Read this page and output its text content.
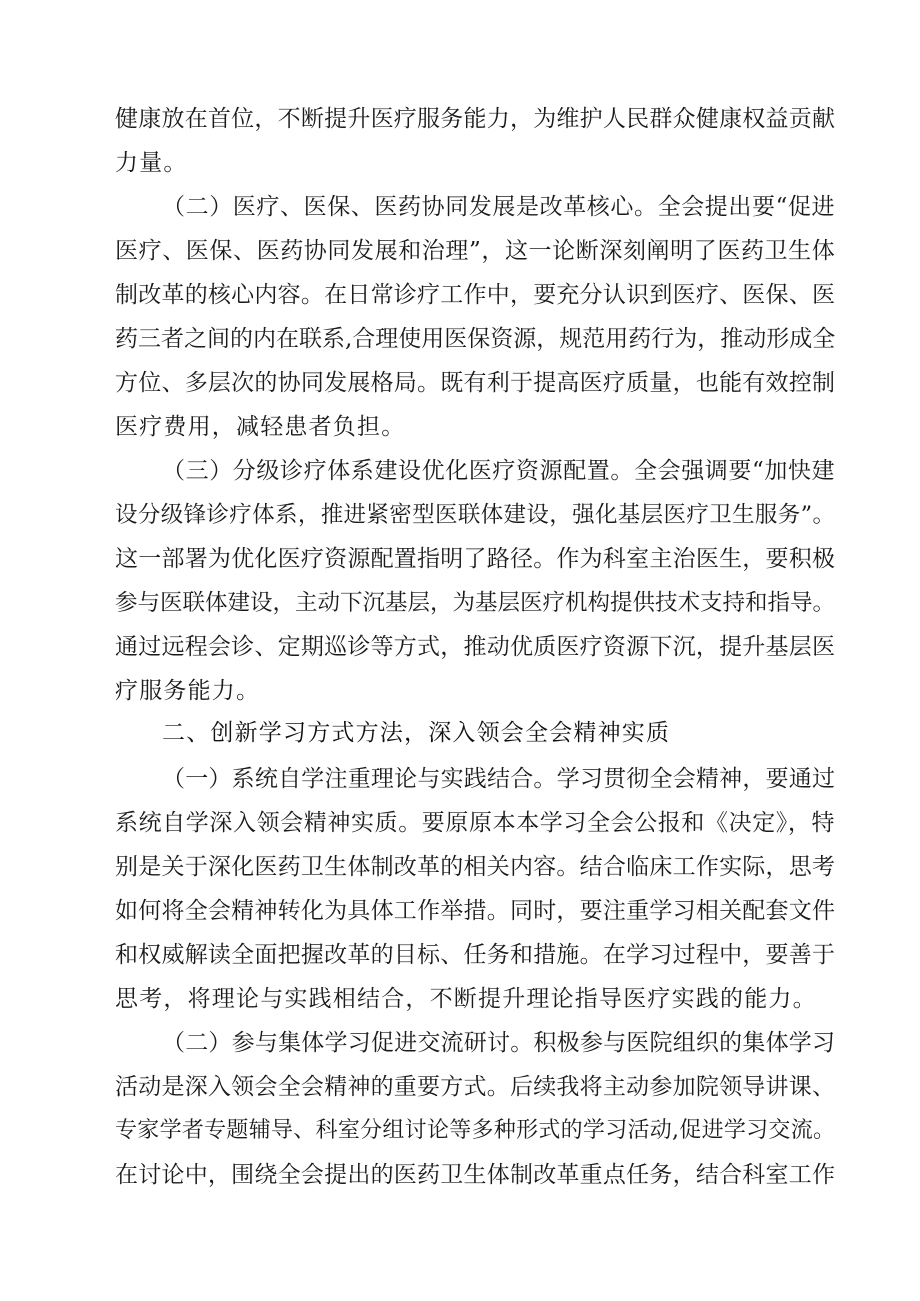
健康放在首位，不断提升医疗服务能力，为维护人民群众健康权益贡献
力量。
（二）医疗、医保、医药协同发展是改革核心。全会提出要“促进
医疗、医保、医药协同发展和治理”，这一论断深刻阐明了医药卫生体
制改革的核心内容。在日常诊疗工作中，要充分认识到医疗、医保、医
药三者之间的内在联系,合理使用医保资源，规范用药行为，推动形成全
方位、多层次的协同发展格局。既有利于提高医疗质量，也能有效控制
医疗费用，减轻患者负担。
（三）分级诊疗体系建设优化医疗资源配置。全会强调要“加快建
设分级锋诊疗体系，推进紧密型医联体建设，强化基层医疗卫生服务”。
这一部署为优化医疗资源配置指明了路径。作为科室主治医生，要积极
参与医联体建设，主动下沉基层，为基层医疗机构提供技术支持和指导。
通过远程会诊、定期巡诊等方式，推动优质医疗资源下沉，提升基层医
疗服务能力。
二、创新学习方式方法，深入领会全会精神实质
（一）系统自学注重理论与实践结合。学习贯彻全会精神，要通过
系统自学深入领会精神实质。要原原本本学习全会公报和《决定》，特
别是关于深化医药卫生体制改革的相关内容。结合临床工作实际，思考
如何将全会精神转化为具体工作举措。同时，要注重学习相关配套文件
和权威解读全面把握改革的目标、任务和措施。在学习过程中，要善于
思考，将理论与实践相结合，不断提升理论指导医疗实践的能力。
（二）参与集体学习促进交流研讨。积极参与医院组织的集体学习
活动是深入领会全会精神的重要方式。后续我将主动参加院领导讲课、
专家学者专题辅导、科室分组讨论等多种形式的学习活动,促进学习交流。
在讨论中，围绕全会提出的医药卫生体制改革重点任务，结合科室工作
